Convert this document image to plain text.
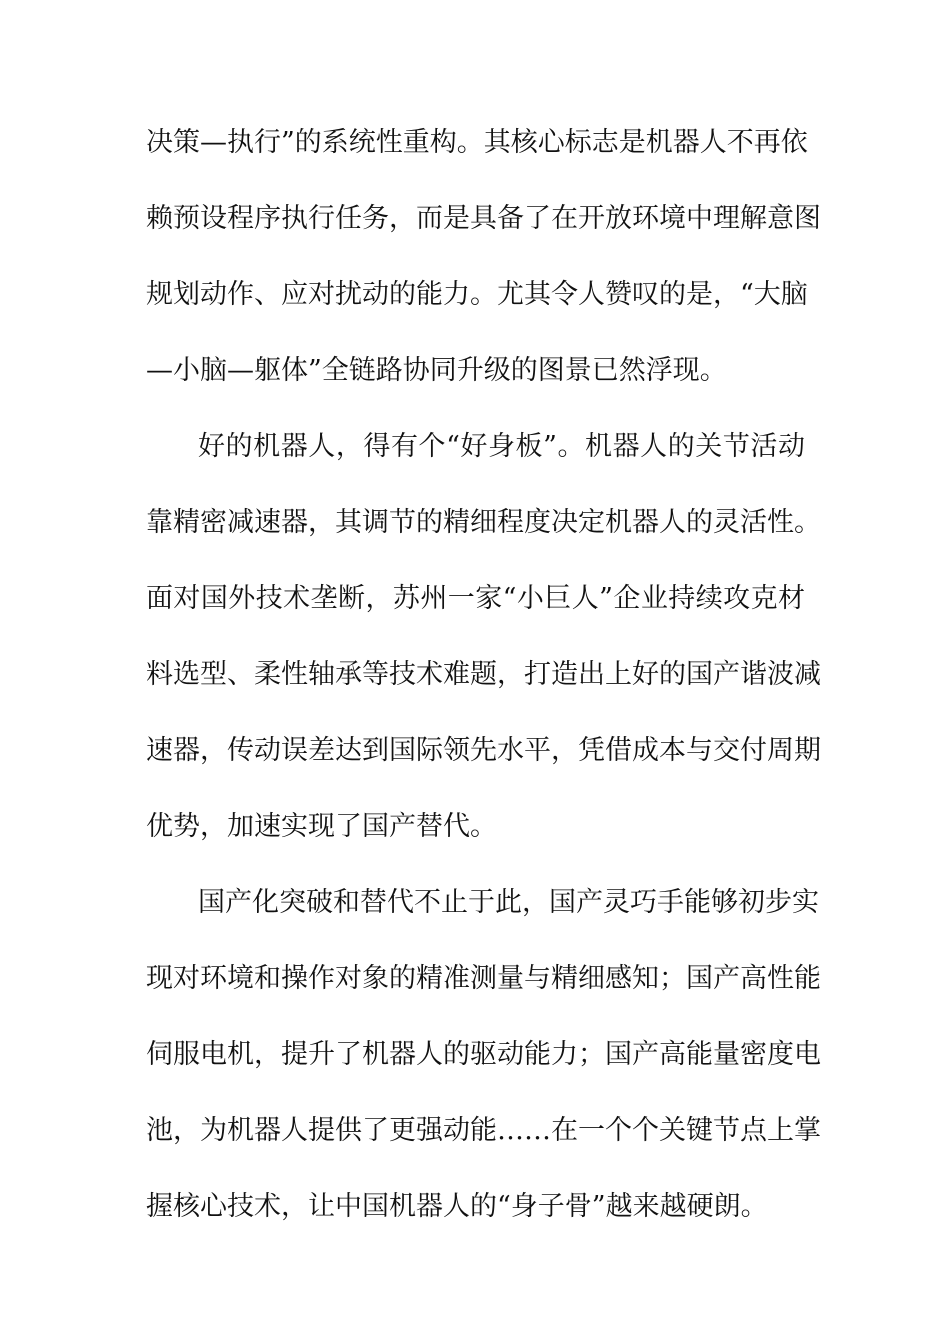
决策—执行”的系统性重构。其核心标志是机器人不再依
赖预设程序执行任务，而是具备了在开放环境中理解意图
规划动作、应对扰动的能力。尤其令人赞叹的是，“大脑
—小脑—躯体”全链路协同升级的图景已然浮现。
好的机器人，得有个“好身板”。机器人的关节活动
靠精密减速器，其调节的精细程度决定机器人的灵活性。
面对国外技术垄断，苏州一家“小巨人”企业持续攻克材
料选型、柔性轴承等技术难题，打造出上好的国产谐波减
速器，传动误差达到国际领先水平，凭借成本与交付周期
优势，加速实现了国产替代。
国产化突破和替代不止于此，国产灵巧手能够初步实
现对环境和操作对象的精准测量与精细感知；国产高性能
伺服电机，提升了机器人的驱动能力；国产高能量密度电
池，为机器人提供了更强动能……在一个个关键节点上掌
握核心技术，让中国机器人的“身子骨”越来越硬朗。
